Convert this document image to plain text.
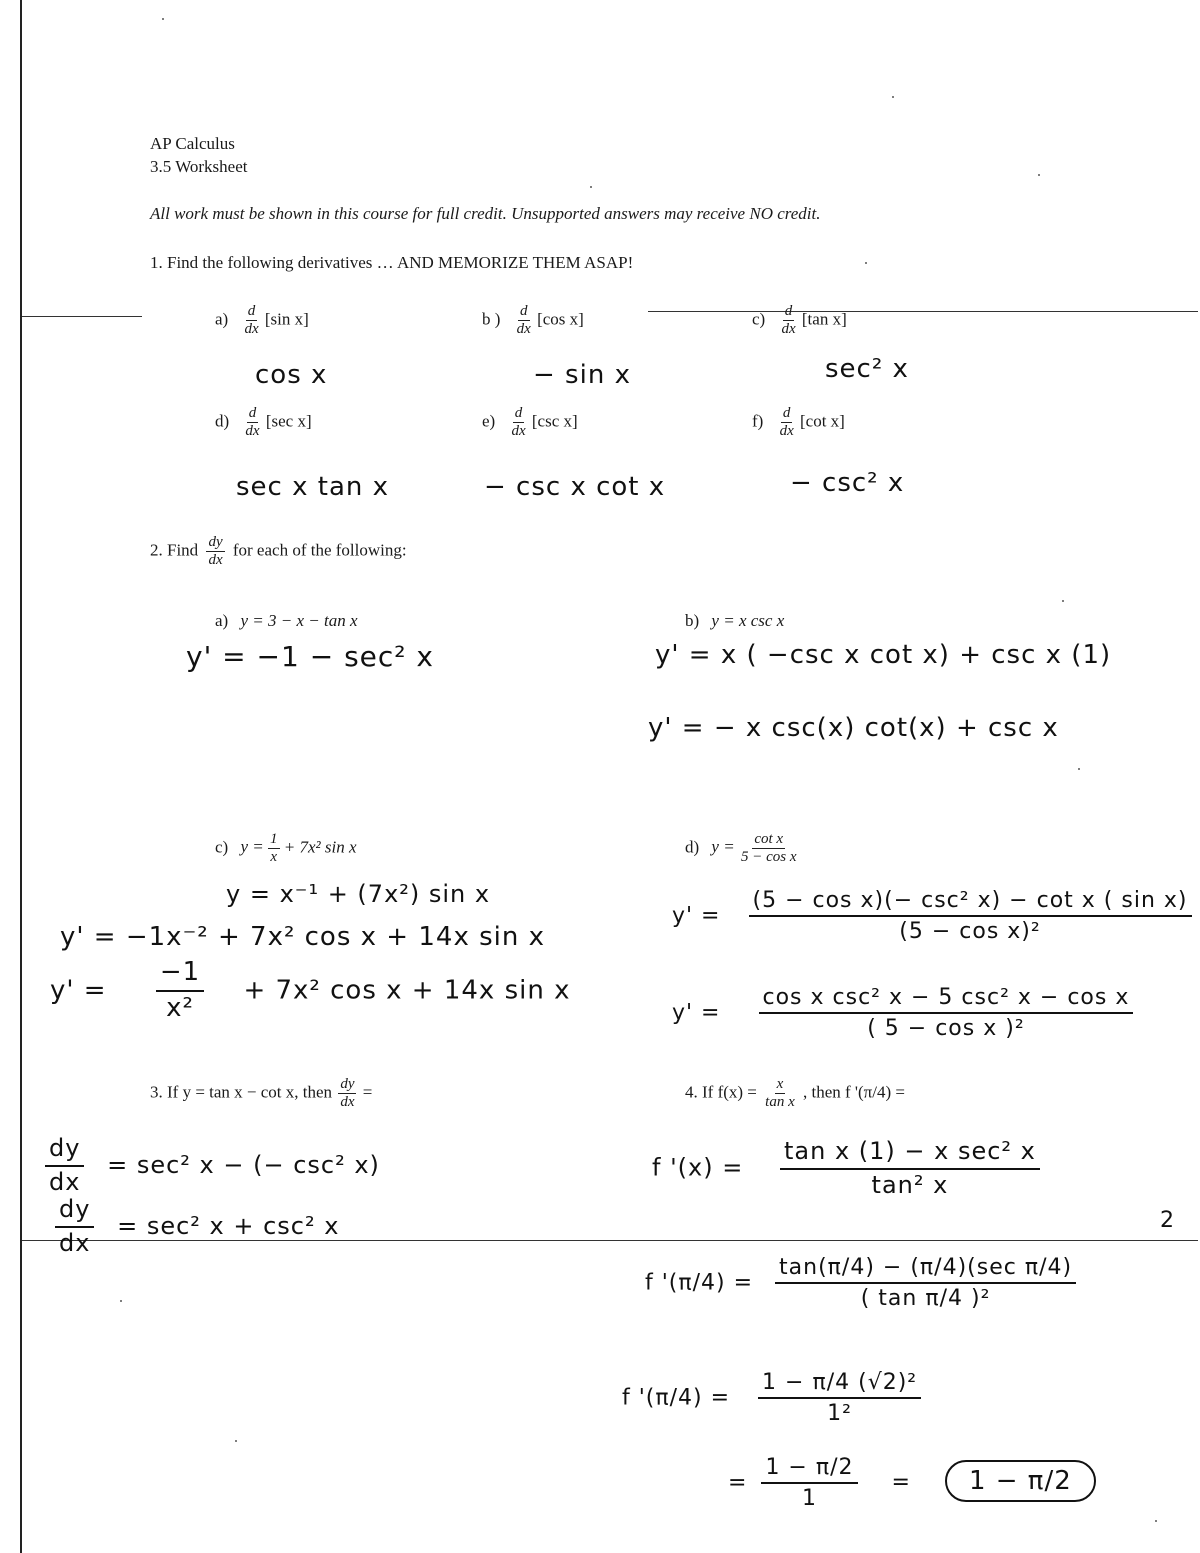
AP Calculus
3.5 Worksheet
All work must be shown in this course for full credit. Unsupported answers may receive NO credit.
1. Find the following derivatives … AND MEMORIZE THEM ASAP!
$a) \frac{d}{dx} [\sin$ x]	b ) $\frac{d}{dx} [\cos$ x]	$c) \frac{d}{dx} [\tan$ x]
cos x	− sin x	sec² x
$d) \frac{d}{dx} [\sec$ x]	$e) \frac{d}{dx} [\csc$ x]	$f) \frac{d}{dx} [\cot$ x]
sec x tan x	− csc x cot x	− csc² x
2. Find $\frac{dy}{dx}$ for each of the following:
a) y = 3 − x − tan x	b) y = x csc x
y' = −1 − sec² x	y' = x ( −csc x cot x) + csc x (1)
y' = − x csc(x) cot(x) + csc x
c) $y = \frac{1}{x} + 7x^2$ sin x	d) $y = \frac{\text{cot x}}{\text{5 − cos x}}$
y = x⁻¹ + (7x²) sin x
y' = −1x⁻² + 7x² cos x + 14x sin x
$y' = \frac{-1}{\text{x²}} + 7x^2$ cos x + 14x sin x
$y' = \frac{\text{(5 − cos x)(− csc² x) − cot x ( sin x)}}{\text{(5 − cos x)²}}$
$y' = \frac{\text{cos x csc² x − 5 csc² x − cos x}}{\text{( 5 − cos x )²}}$
3. If y = tan x − cot x, then $\frac{dy}{dx}$ =
$\frac{dy}{dx} = \sec^2$ x − (− csc² x)
$\frac{dy}{dx} = \sec^2$ x + csc² x
4. If $f(x) = \frac{x}{\text{tan x}}$ , then f '(π/4) =
f '$(x) = \frac{\text{tan x (1) − x sec² x}}{\text{tan² x}}$
2
f '$(\pi/4) = \frac{\text{tan(π/4) − (π/4)(sec π/4)}}{\text{( tan π/4 )²}}$
f '$(\pi/4) = \frac{\text{1 − π/4 (√2)²}}{\text{1²}}$
= $\frac{1 - \pi/2}{1} = 1 - \pi/2$
